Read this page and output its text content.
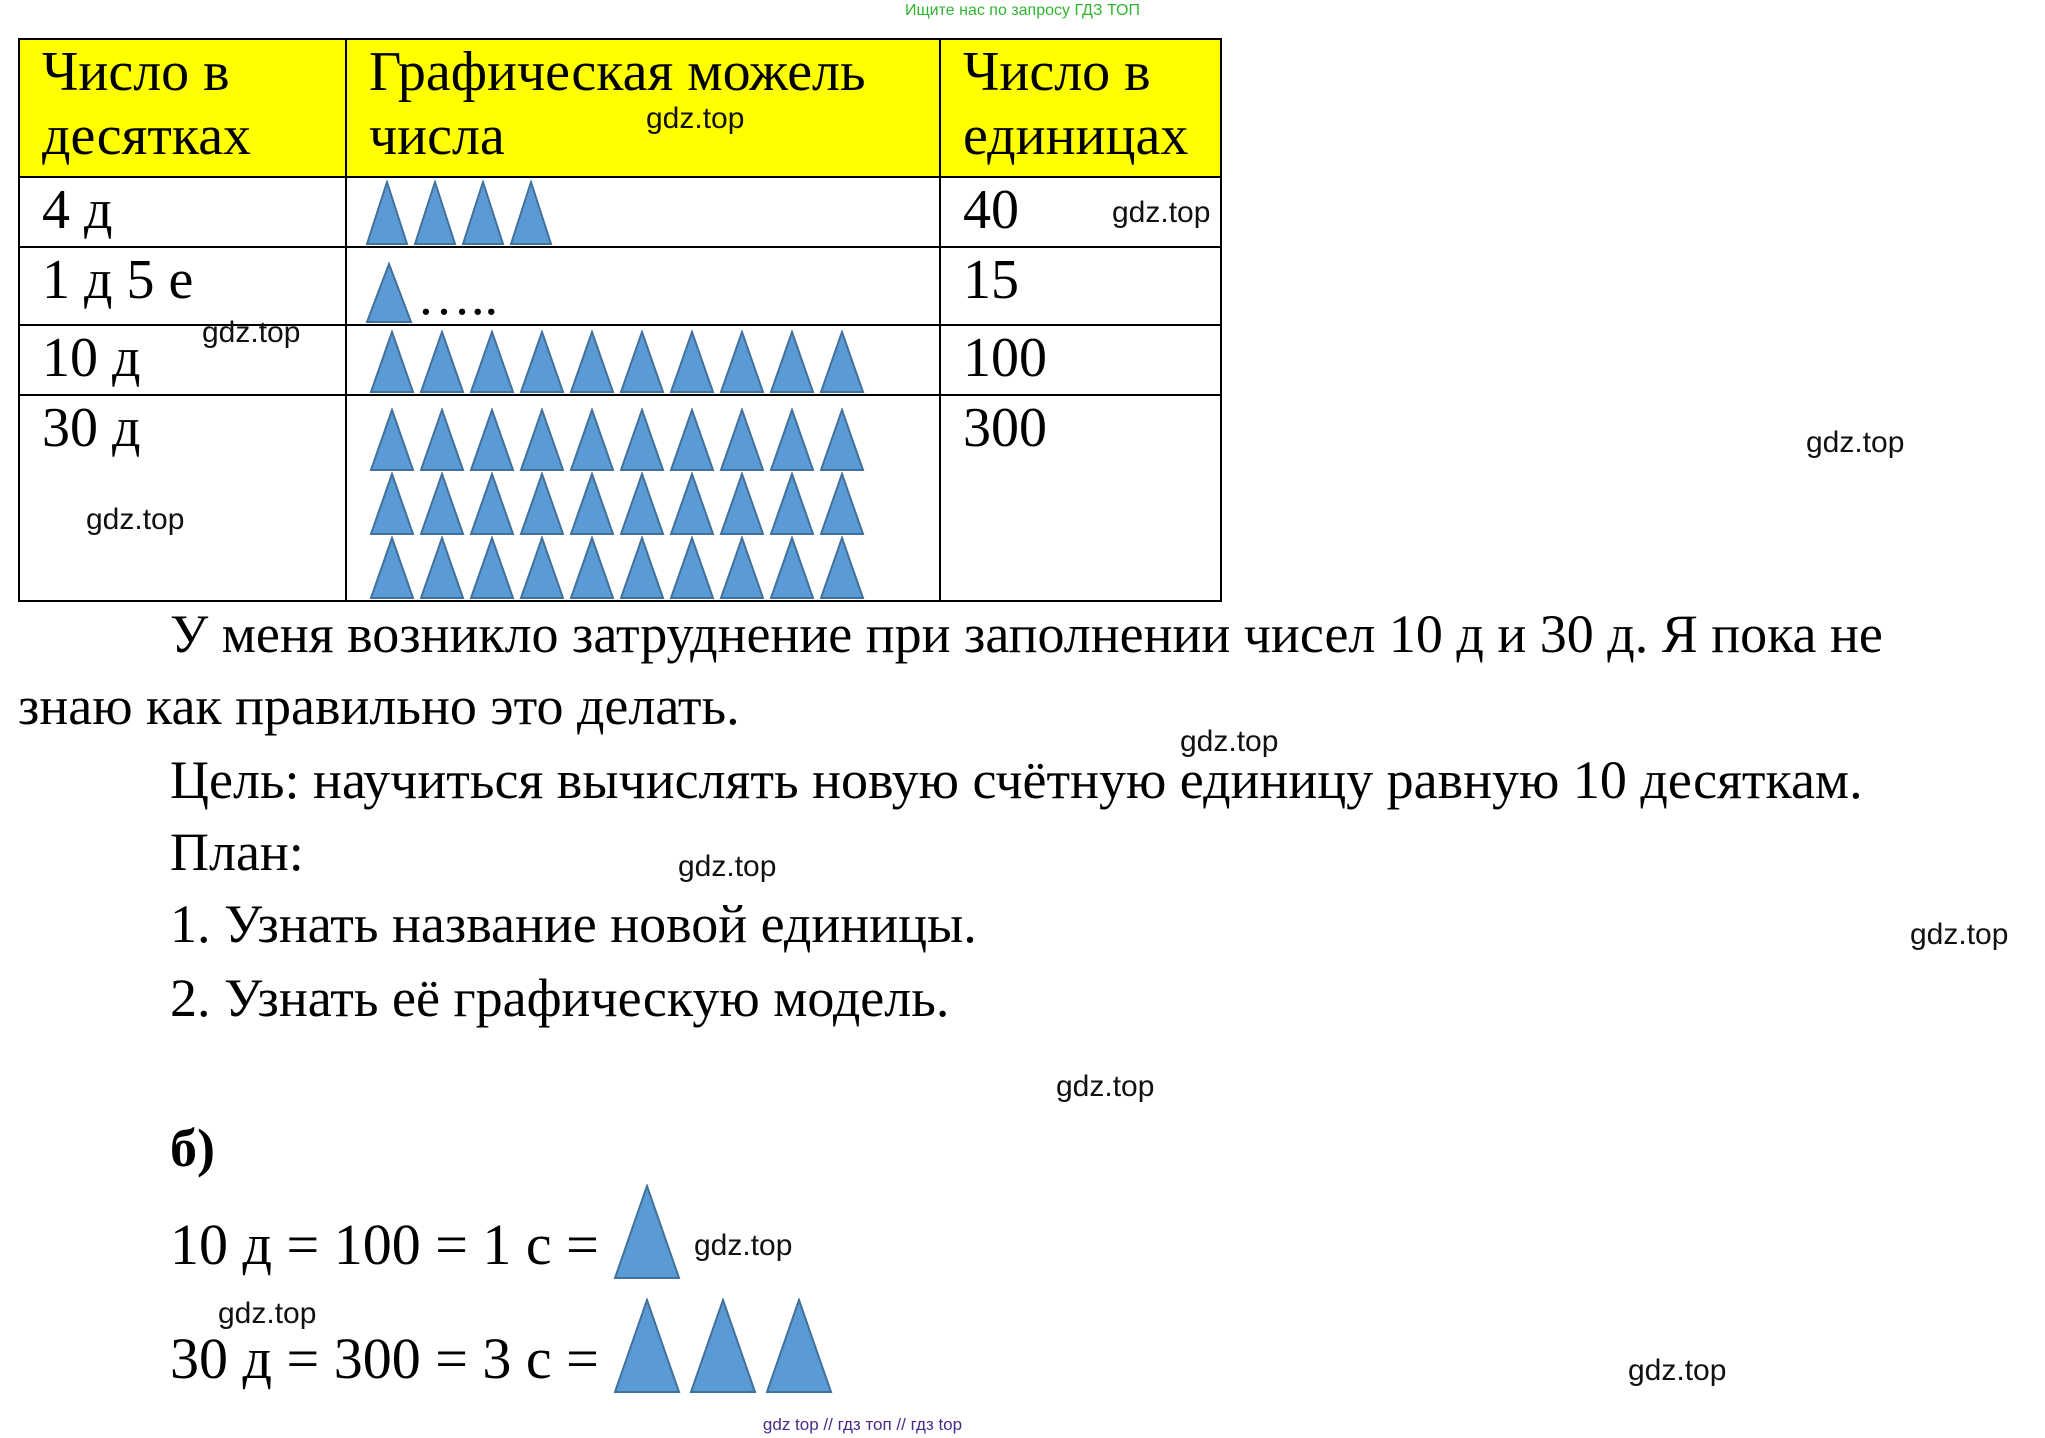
Ищите нас по запросу ГДЗ ТОП
Число в десятках	Графическая можель числа	Число в единицах
4 д		40
1 д 5 е	…..	15
10 д		100
30 д		300
У меня возникло затруднение при заполнении чисел 10 д и 30 д. Я пока не
знаю как правильно это делать.
Цель: научиться вычислять новую счётную единицу равную 10 десяткам.
План:
1. Узнать название новой единицы.
2. Узнать её графическую модель.
б)
10 д = 100 = 1 с =
30 д = 300 = 3 с =
gdz.top
gdz.top
gdz.top
gdz.top
gdz.top
gdz.top
gdz.top
gdz.top
gdz.top
gdz.top
gdz.top
gdz.top
gdz top // гдз топ // гдз top
